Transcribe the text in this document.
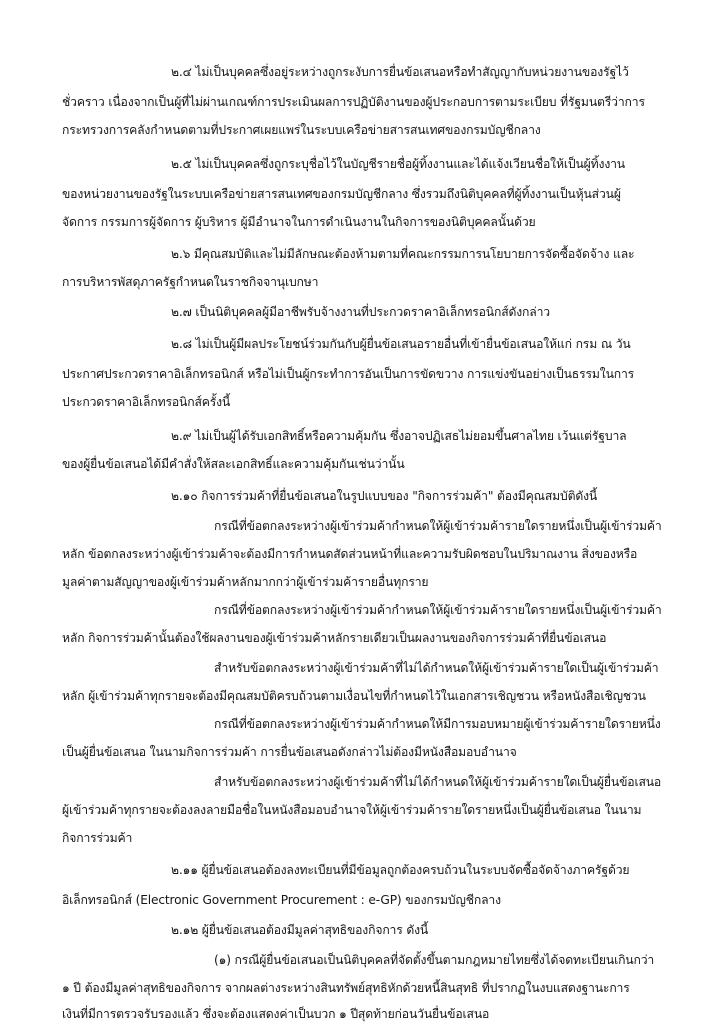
๒.๔ ไม่เป็นบุคคลซึ่งอยู่ระหว่างถูกระงับการยื่นข้อเสนอหรือทำสัญญากับหน่วยงานของรัฐไว้
ชั่วคราว เนื่องจากเป็นผู้ที่ไม่ผ่านเกณฑ์การประเมินผลการปฏิบัติงานของผู้ประกอบการตามระเบียบ ที่รัฐมนตรีว่าการ
กระทรวงการคลังกำหนดตามที่ประกาศเผยแพร่ในระบบเครือข่ายสารสนเทศของกรมบัญชีกลาง
๒.๕ ไม่เป็นบุคคลซึ่งถูกระบุชื่อไว้ในบัญชีรายชื่อผู้ทิ้งงานและได้แจ้งเวียนชื่อให้เป็นผู้ทิ้งงาน
ของหน่วยงานของรัฐในระบบเครือข่ายสารสนเทศของกรมบัญชีกลาง ซึ่งรวมถึงนิติบุคคลที่ผู้ทิ้งงานเป็นหุ้นส่วนผู้
จัดการ กรรมการผู้จัดการ ผู้บริหาร ผู้มีอำนาจในการดำเนินงานในกิจการของนิติบุคคลนั้นด้วย
๒.๖ มีคุณสมบัติและไม่มีลักษณะต้องห้ามตามที่คณะกรรมการนโยบายการจัดซื้อจัดจ้าง และ
การบริหารพัสดุภาครัฐกำหนดในราชกิจจานุเบกษา
๒.๗ เป็นนิติบุคคลผู้มีอาชีพรับจ้างงานที่ประกวดราคาอิเล็กทรอนิกส์ดังกล่าว
๒.๘ ไม่เป็นผู้มีผลประโยชน์ร่วมกันกับผู้ยื่นข้อเสนอรายอื่นที่เข้ายื่นข้อเสนอให้แก่ กรม ณ วัน
ประกาศประกวดราคาอิเล็กทรอนิกส์ หรือไม่เป็นผู้กระทำการอันเป็นการขัดขวาง การแข่งขันอย่างเป็นธรรมในการ
ประกวดราคาอิเล็กทรอนิกส์ครั้งนี้
๒.๙ ไม่เป็นผู้ได้รับเอกสิทธิ์หรือความคุ้มกัน ซึ่งอาจปฏิเสธไม่ยอมขึ้นศาลไทย เว้นแต่รัฐบาล
ของผู้ยื่นข้อเสนอได้มีคำสั่งให้สละเอกสิทธิ์และความคุ้มกันเช่นว่านั้น
๒.๑๐ กิจการร่วมค้าที่ยื่นข้อเสนอในรูปแบบของ "กิจการร่วมค้า" ต้องมีคุณสมบัติดังนี้
กรณีที่ข้อตกลงระหว่างผู้เข้าร่วมค้ากำหนดให้ผู้เข้าร่วมค้ารายใดรายหนึ่งเป็นผู้เข้าร่วมค้า
หลัก ข้อตกลงระหว่างผู้เข้าร่วมค้าจะต้องมีการกำหนดสัดส่วนหน้าที่และความรับผิดชอบในปริมาณงาน สิ่งของหรือ
มูลค่าตามสัญญาของผู้เข้าร่วมค้าหลักมากกว่าผู้เข้าร่วมค้ารายอื่นทุกราย
กรณีที่ข้อตกลงระหว่างผู้เข้าร่วมค้ากำหนดให้ผู้เข้าร่วมค้ารายใดรายหนึ่งเป็นผู้เข้าร่วมค้า
หลัก กิจการร่วมค้านั้นต้องใช้ผลงานของผู้เข้าร่วมค้าหลักรายเดียวเป็นผลงานของกิจการร่วมค้าที่ยื่นข้อเสนอ
สำหรับข้อตกลงระหว่างผู้เข้าร่วมค้าที่ไม่ได้กำหนดให้ผู้เข้าร่วมค้ารายใดเป็นผู้เข้าร่วมค้า
หลัก ผู้เข้าร่วมค้าทุกรายจะต้องมีคุณสมบัติครบถ้วนตามเงื่อนไขที่กำหนดไว้ในเอกสารเชิญชวน หรือหนังสือเชิญชวน
กรณีที่ข้อตกลงระหว่างผู้เข้าร่วมค้ากำหนดให้มีการมอบหมายผู้เข้าร่วมค้ารายใดรายหนึ่ง
เป็นผู้ยื่นข้อเสนอ ในนามกิจการร่วมค้า การยื่นข้อเสนอดังกล่าวไม่ต้องมีหนังสือมอบอำนาจ
สำหรับข้อตกลงระหว่างผู้เข้าร่วมค้าที่ไม่ได้กำหนดให้ผู้เข้าร่วมค้ารายใดเป็นผู้ยื่นข้อเสนอ
ผู้เข้าร่วมค้าทุกรายจะต้องลงลายมือชื่อในหนังสือมอบอำนาจให้ผู้เข้าร่วมค้ารายใดรายหนึ่งเป็นผู้ยื่นข้อเสนอ ในนาม
กิจการร่วมค้า
๒.๑๑ ผู้ยื่นข้อเสนอต้องลงทะเบียนที่มีข้อมูลถูกต้องครบถ้วนในระบบจัดซื้อจัดจ้างภาครัฐด้วย
อิเล็กทรอนิกส์ (Electronic Government Procurement : e-GP) ของกรมบัญชีกลาง
๒.๑๒ ผู้ยื่นข้อเสนอต้องมีมูลค่าสุทธิของกิจการ ดังนี้
(๑) กรณีผู้ยื่นข้อเสนอเป็นนิติบุคคลที่จัดตั้งขึ้นตามกฎหมายไทยซึ่งได้จดทะเบียนเกินกว่า
๑ ปี ต้องมีมูลค่าสุทธิของกิจการ จากผลต่างระหว่างสินทรัพย์สุทธิหักด้วยหนี้สินสุทธิ ที่ปรากฏในงบแสดงฐานะการ
เงินที่มีการตรวจรับรองแล้ว ซึ่งจะต้องแสดงค่าเป็นบวก ๑ ปีสุดท้ายก่อนวันยื่นข้อเสนอ
